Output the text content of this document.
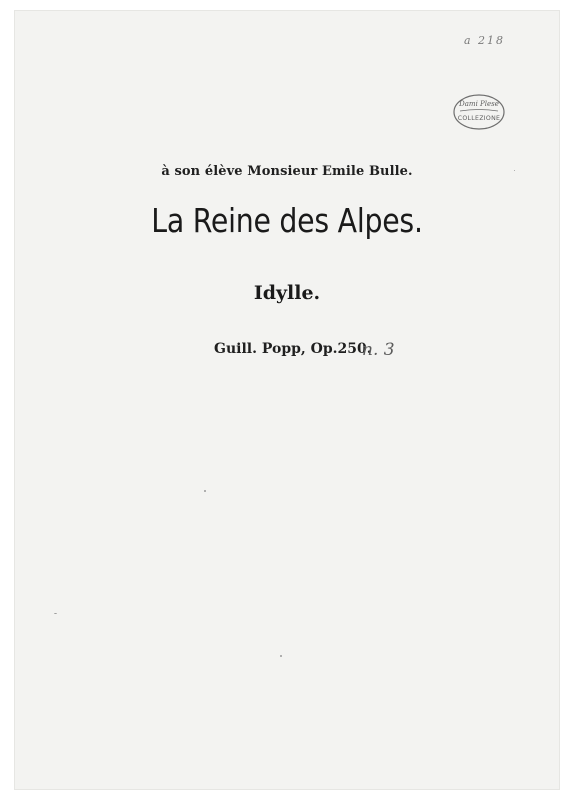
a 218
Dami Plese
COLLEZIONE
à son élève Monsieur Emile Bulle.
La Reine des Alpes.
Idylle.
Guill. Popp, Op.250.
n. 3
